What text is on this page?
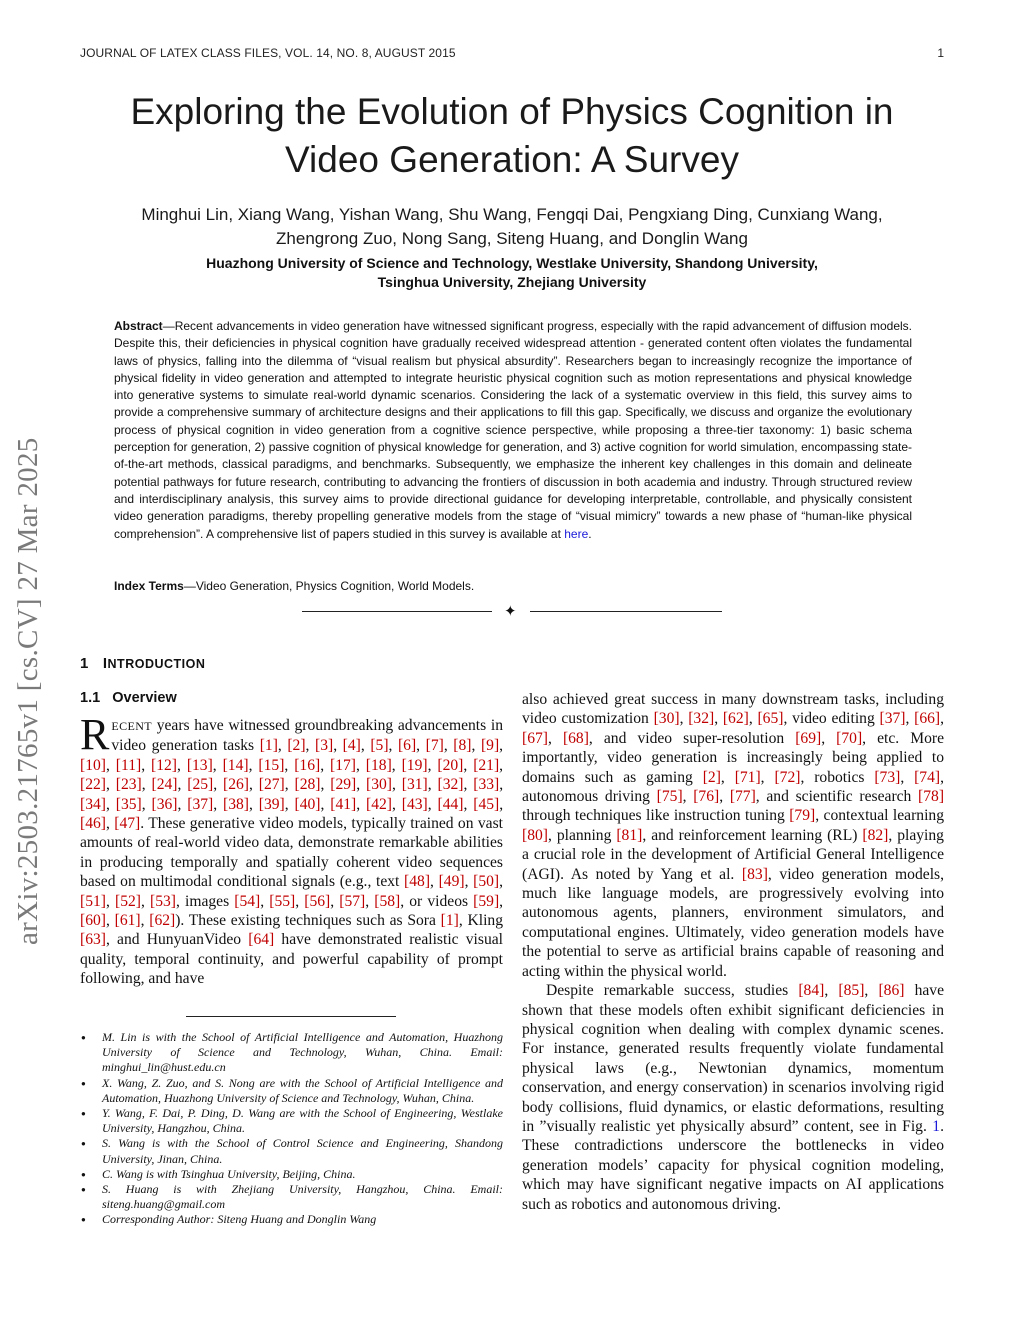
JOURNAL OF LATEX CLASS FILES, VOL. 14, NO. 8, AUGUST 2015	1
arXiv:2503.21765v1 [cs.CV] 27 Mar 2025
Exploring the Evolution of Physics Cognition in
Video Generation: A Survey
Minghui Lin, Xiang Wang, Yishan Wang, Shu Wang, Fengqi Dai, Pengxiang Ding, Cunxiang Wang,
Zhengrong Zuo, Nong Sang, Siteng Huang, and Donglin Wang
Huazhong University of Science and Technology, Westlake University, Shandong University,
Tsinghua University, Zhejiang University
Abstract—Recent advancements in video generation have witnessed significant progress, especially with the rapid advancement of diffusion models. Despite this, their deficiencies in physical cognition have gradually received widespread attention - generated content often violates the fundamental laws of physics, falling into the dilemma of “visual realism but physical absurdity”. Researchers began to increasingly recognize the importance of physical fidelity in video generation and attempted to integrate heuristic physical cognition such as motion representations and physical knowledge into generative systems to simulate real-world dynamic scenarios. Considering the lack of a systematic overview in this field, this survey aims to provide a comprehensive summary of architecture designs and their applications to fill this gap. Specifically, we discuss and organize the evolutionary process of physical cognition in video generation from a cognitive science perspective, while proposing a three-tier taxonomy: 1) basic schema perception for generation, 2) passive cognition of physical knowledge for generation, and 3) active cognition for world simulation, encompassing state-of-the-art methods, classical paradigms, and benchmarks. Subsequently, we emphasize the inherent key challenges in this domain and delineate potential pathways for future research, contributing to advancing the frontiers of discussion in both academia and industry. Through structured review and interdisciplinary analysis, this survey aims to provide directional guidance for developing interpretable, controllable, and physically consistent video generation paradigms, thereby propelling generative models from the stage of “visual mimicry” towards a new phase of “human-like physical comprehension”. A comprehensive list of papers studied in this survey is available at here.
Index Terms—Video Generation, Physics Cognition, World Models.
✦
1 INTRODUCTION
1.1 Overview

RECENT years have witnessed groundbreaking advancements in video generation tasks [1], [2], [3], [4], [5], [6], [7], [8], [9], [10], [11], [12], [13], [14], [15], [16], [17], [18], [19], [20], [21], [22], [23], [24], [25], [26], [27], [28], [29], [30], [31], [32], [33], [34], [35], [36], [37], [38], [39], [40], [41], [42], [43], [44], [45], [46], [47]. These generative video models, typically trained on vast amounts of real-world video data, demonstrate remarkable abilities in producing temporally and spatially coherent video sequences based on multimodal conditional signals (e.g., text [48], [49], [50], [51], [52], [53], images [54], [55], [56], [57], [58], or videos [59], [60], [61], [62]). These existing techniques such as Sora [1], Kling [63], and HunyuanVideo [64] have demonstrated realistic visual quality, temporal continuity, and powerful capability of prompt following, and have

● M. Lin is with the School of Artificial Intelligence and Automation, Huazhong University of Science and Technology, Wuhan, China. Email: minghui_lin@hust.edu.cn
● X. Wang, Z. Zuo, and S. Nong are with the School of Artificial Intelligence and Automation, Huazhong University of Science and Technology, Wuhan, China.
● Y. Wang, F. Dai, P. Ding, D. Wang are with the School of Engineering, Westlake University, Hangzhou, China.
● S. Wang is with the School of Control Science and Engineering, Shandong University, Jinan, China.
● C. Wang is with Tsinghua University, Beijing, China.
● S. Huang is with Zhejiang University, Hangzhou, China. Email: siteng.huang@gmail.com
● Corresponding Author: Siteng Huang and Donglin Wang

also achieved great success in many downstream tasks, including video customization [30], [32], [62], [65], video editing [37], [66], [67], [68], and video super-resolution [69], [70], etc. More importantly, video generation is increasingly being applied to domains such as gaming [2], [71], [72], robotics [73], [74], autonomous driving [75], [76], [77], and scientific research [78] through techniques like instruction tuning [79], contextual learning [80], planning [81], and reinforcement learning (RL) [82], playing a crucial role in the development of Artificial General Intelligence (AGI). As noted by Yang et al. [83], video generation models, much like language models, are progressively evolving into autonomous agents, planners, environment simulators, and computational engines. Ultimately, video generation models have the potential to serve as artificial brains capable of reasoning and acting within the physical world.

Despite remarkable success, studies [84], [85], [86] have shown that these models often exhibit significant deficiencies in physical cognition when dealing with complex dynamic scenes. For instance, generated results frequently violate fundamental physical laws (e.g., Newtonian dynamics, momentum conservation, and energy conservation) in scenarios involving rigid body collisions, fluid dynamics, or elastic deformations, resulting in ”visually realistic yet physically absurd” content, see in Fig. 1. These contradictions underscore the bottlenecks in video generation models’ capacity for physical cognition modeling, which may have significant negative impacts on AI applications such as robotics and autonomous driving.
